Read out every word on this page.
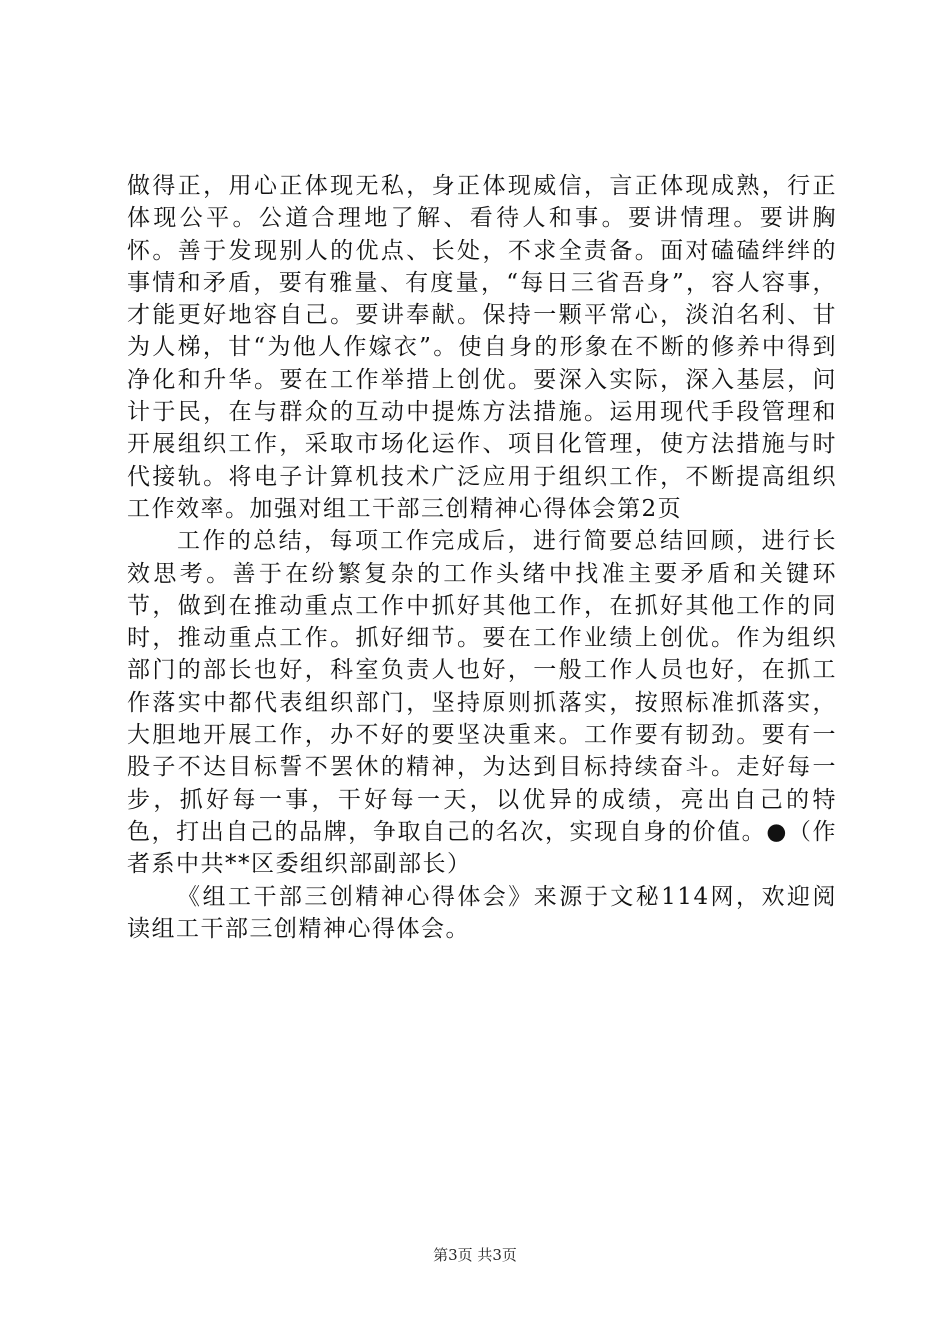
做得正，用心正体现无私，身正体现威信，言正体现成熟，行正体现公平。公道合理地了解、看待人和事。要讲情理。要讲胸怀。善于发现别人的优点、长处，不求全责备。面对磕磕绊绊的事情和矛盾，要有雅量、有度量，“每日三省吾身”，容人容事，才能更好地容自己。要讲奉献。保持一颗平常心，淡泊名利、甘为人梯，甘“为他人作嫁衣”。使自身的形象在不断的修养中得到净化和升华。要在工作举措上创优。要深入实际，深入基层，问计于民，在与群众的互动中提炼方法措施。运用现代手段管理和开展组织工作，采取市场化运作、项目化管理，使方法措施与时代接轨。将电子计算机技术广泛应用于组织工作，不断提高组织工作效率。加强对组工干部三创精神心得体会第2页

工作的总结，每项工作完成后，进行简要总结回顾，进行长效思考。善于在纷繁复杂的工作头绪中找准主要矛盾和关键环节，做到在推动重点工作中抓好其他工作，在抓好其他工作的同时，推动重点工作。抓好细节。要在工作业绩上创优。作为组织部门的部长也好，科室负责人也好，一般工作人员也好，在抓工作落实中都代表组织部门，坚持原则抓落实，按照标准抓落实，大胆地开展工作，办不好的要坚决重来。工作要有韧劲。要有一股子不达目标誓不罢休的精神，为达到目标持续奋斗。走好每一步，抓好每一事，干好每一天，以优异的成绩，亮出自己的特色，打出自己的品牌，争取自己的名次，实现自身的价值。●（作者系中共**区委组织部副部长）

《组工干部三创精神心得体会》来源于文秘114网，欢迎阅读组工干部三创精神心得体会。

第3页 共3页
